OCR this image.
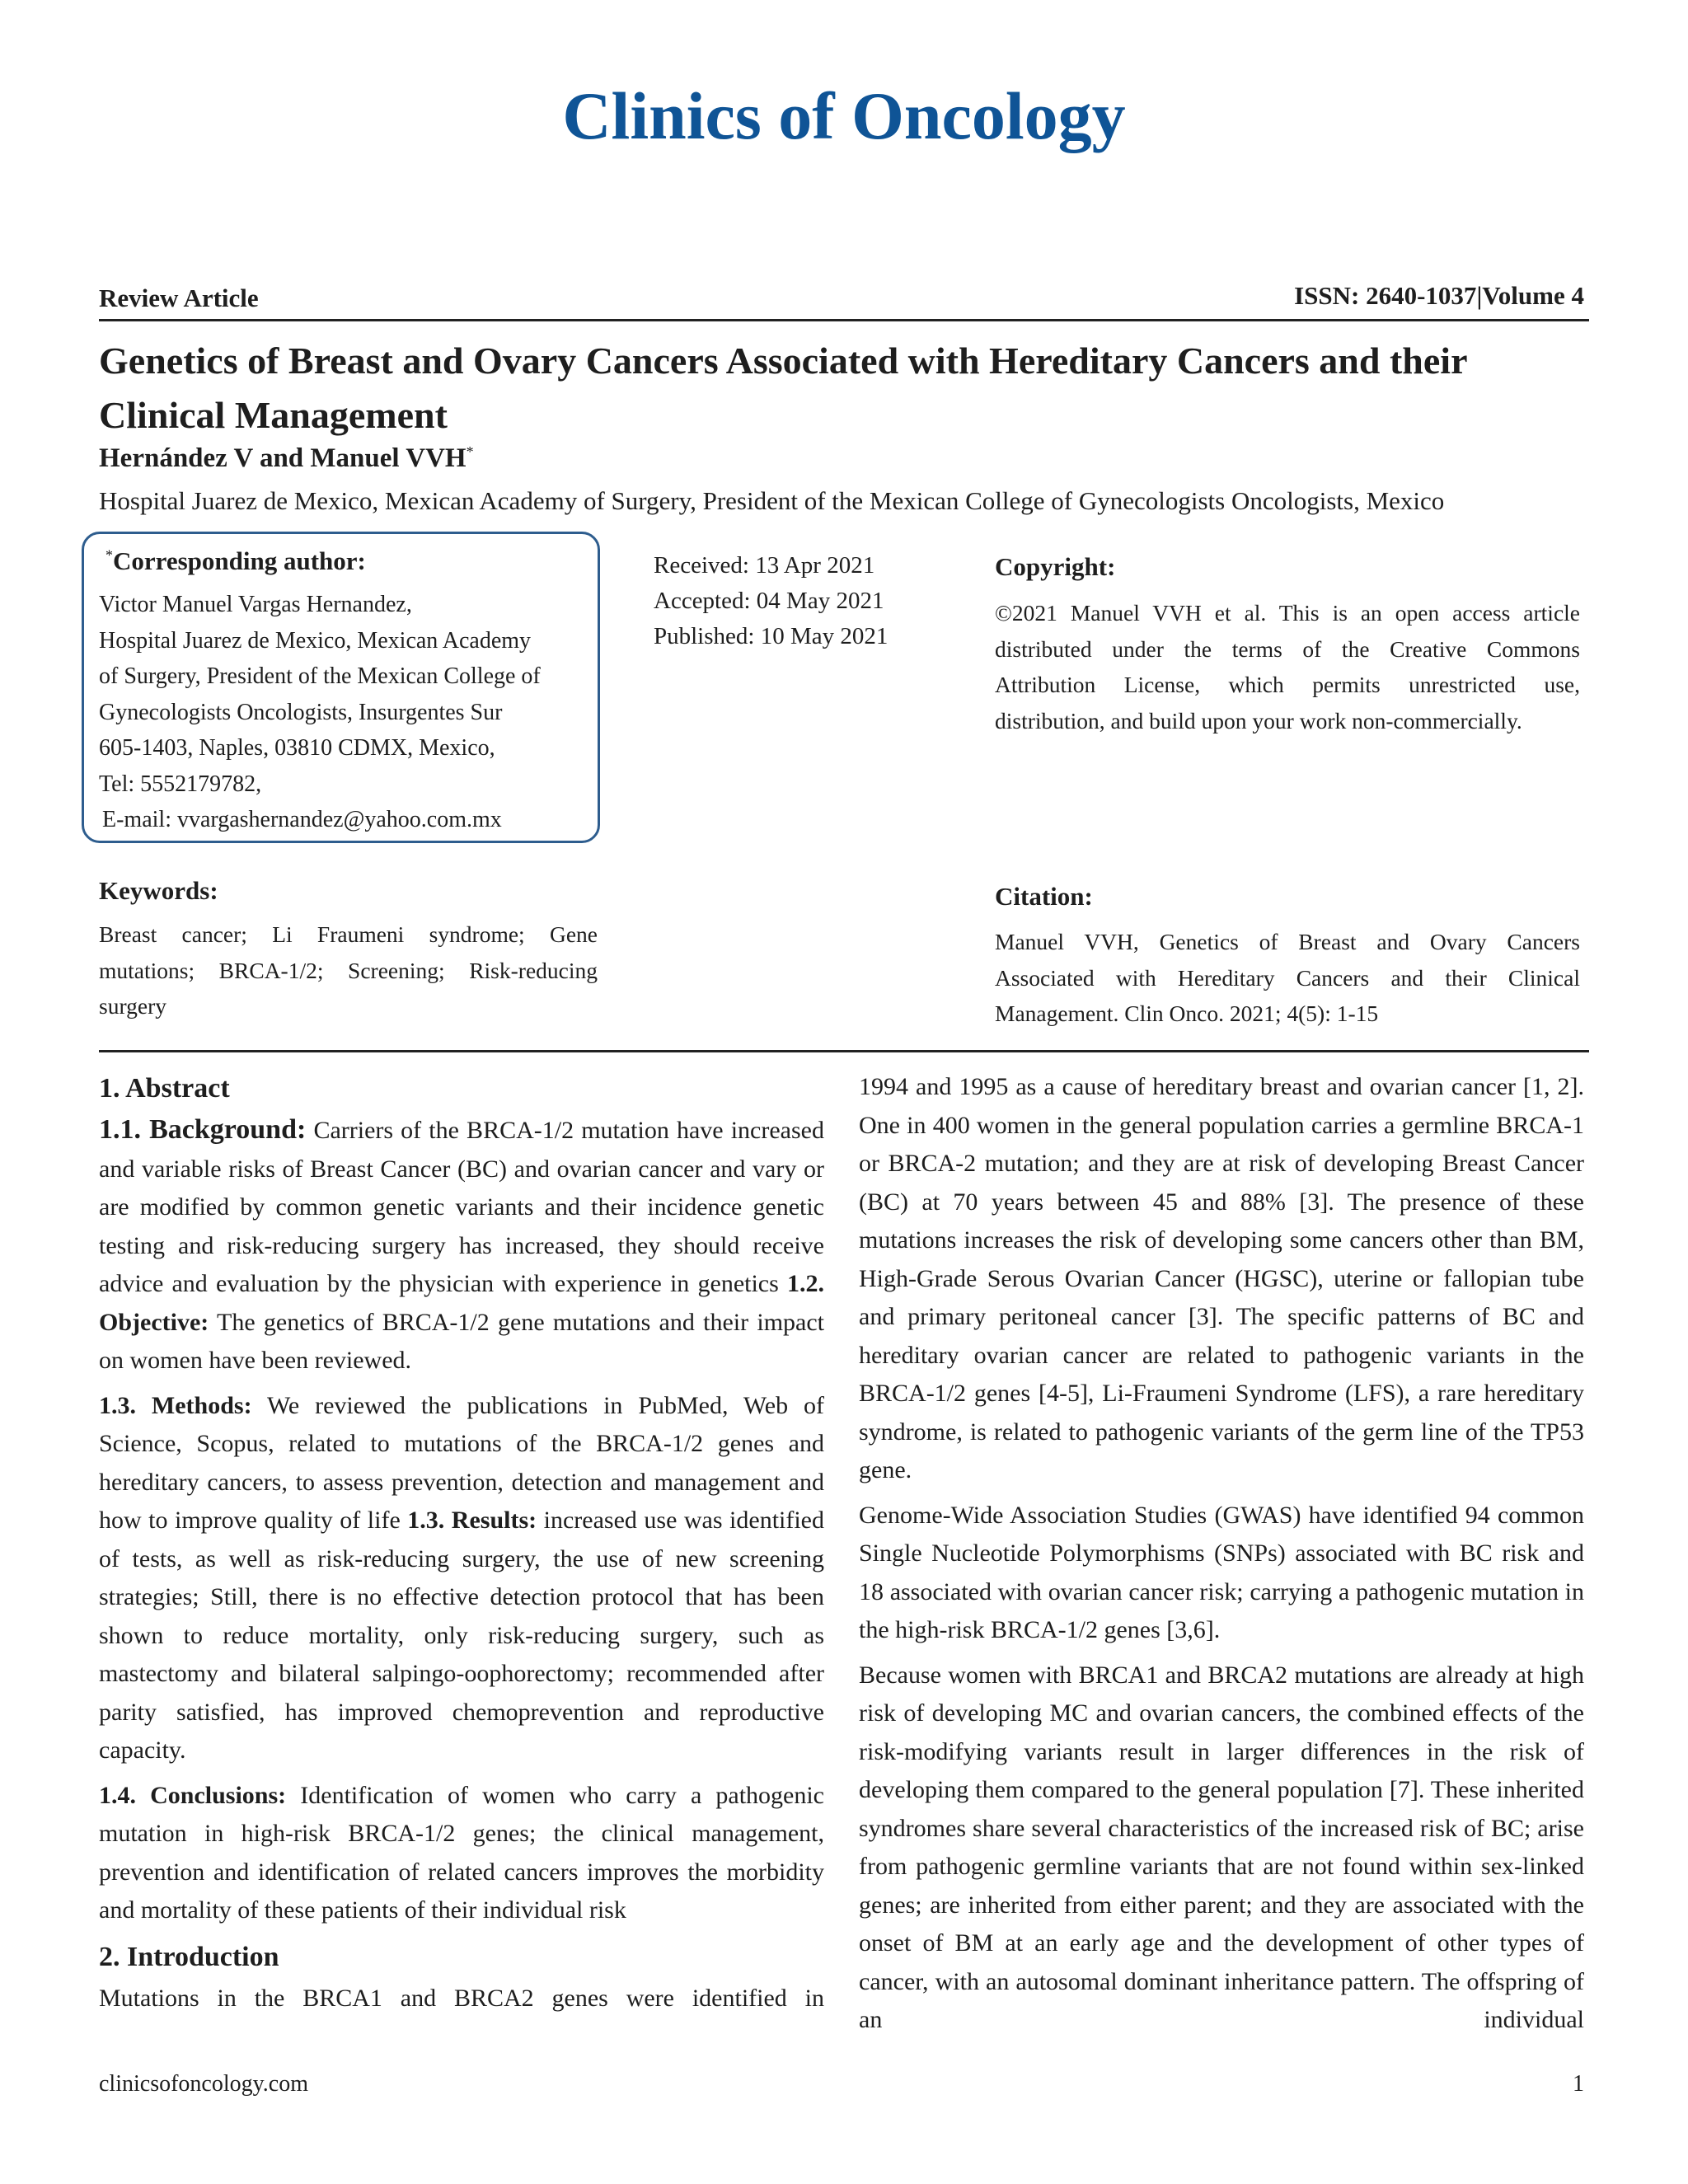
Clinics of Oncology
Review Article	ISSN: 2640-1037|Volume 4
Genetics of Breast and Ovary Cancers Associated with Hereditary Cancers and their Clinical Management
Hernández V and Manuel VVH*
Hospital Juarez de Mexico, Mexican Academy of Surgery, President of the Mexican College of Gynecologists Oncologists, Mexico
*Corresponding author:
Victor Manuel Vargas Hernandez,
Hospital Juarez de Mexico, Mexican Academy
of Surgery, President of the Mexican College of
Gynecologists Oncologists, Insurgentes Sur
605-1403, Naples, 03810 CDMX, Mexico,
Tel: 5552179782,
E-mail: vvargashernandez@yahoo.com.mx
Received: 13 Apr 2021
Accepted: 04 May 2021
Published: 10 May 2021
Copyright:
©2021 Manuel VVH et al. This is an open access article distributed under the terms of the Creative Commons Attribution License, which permits unrestricted use, distribution, and build upon your work non-commercially.
Keywords:
Breast cancer; Li Fraumeni syndrome; Gene mutations; BRCA-1/2; Screening; Risk-reducing surgery
Citation:
Manuel VVH, Genetics of Breast and Ovary Cancers Associated with Hereditary Cancers and their Clinical Management. Clin Onco. 2021; 4(5): 1-15
1. Abstract

1.1. Background: Carriers of the BRCA-1/2 mutation have increased and variable risks of Breast Cancer (BC) and ovarian cancer and vary or are modified by common genetic variants and their incidence genetic testing and risk-reducing surgery has increased, they should receive advice and evaluation by the physician with experience in genetics 1.2. Objective: The genetics of BRCA-1/2 gene mutations and their impact on women have been reviewed.

1.3. Methods: We reviewed the publications in PubMed, Web of Science, Scopus, related to mutations of the BRCA-1/2 genes and hereditary cancers, to assess prevention, detection and management and how to improve quality of life 1.3. Results: increased use was identified of tests, as well as risk-reducing surgery, the use of new screening strategies; Still, there is no effective detection protocol that has been shown to reduce mortality, only risk-reducing surgery, such as mastectomy and bilateral salpingo-oophorectomy; recommended after parity satisfied, has improved chemoprevention and reproductive capacity.

1.4. Conclusions: Identification of women who carry a pathogenic mutation in high-risk BRCA-1/2 genes; the clinical management, prevention and identification of related cancers improves the morbidity and mortality of these patients of their individual risk

2. Introduction

Mutations in the BRCA1 and BRCA2 genes were identified in

1994 and 1995 as a cause of hereditary breast and ovarian cancer [1, 2]. One in 400 women in the general population carries a germline BRCA-1 or BRCA-2 mutation; and they are at risk of developing Breast Cancer (BC) at 70 years between 45 and 88% [3]. The presence of these mutations increases the risk of developing some cancers other than BM, High-Grade Serous Ovarian Cancer (HGSC), uterine or fallopian tube and primary peritoneal cancer [3]. The specific patterns of BC and hereditary ovarian cancer are related to pathogenic variants in the BRCA-1/2 genes [4-5], Li-Fraumeni Syndrome (LFS), a rare hereditary syndrome, is related to pathogenic variants of the germ line of the TP53 gene.

Genome-Wide Association Studies (GWAS) have identified 94 common Single Nucleotide Polymorphisms (SNPs) associated with BC risk and 18 associated with ovarian cancer risk; carrying a pathogenic mutation in the high-risk BRCA-1/2 genes [3,6].

Because women with BRCA1 and BRCA2 mutations are already at high risk of developing MC and ovarian cancers, the combined effects of the risk-modifying variants result in larger differences in the risk of developing them compared to the general population [7]. These inherited syndromes share several characteristics of the increased risk of BC; arise from pathogenic germline variants that are not found within sex-linked genes; are inherited from either parent; and they are associated with the onset of BM at an early age and the development of other types of cancer, with an autosomal dominant inheritance pattern. The offspring of an individual

clinicsofoncology.com	1
